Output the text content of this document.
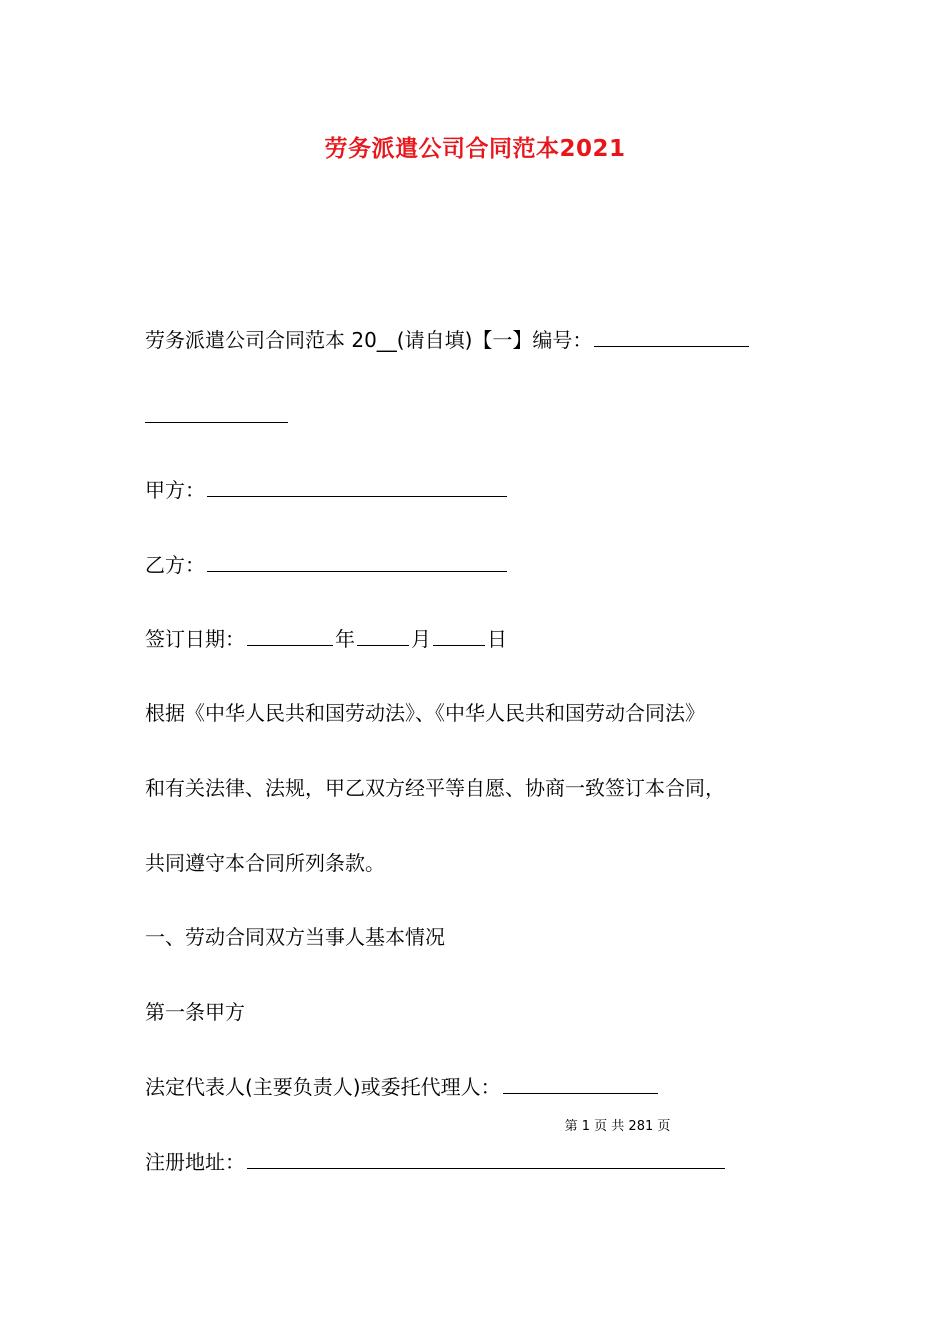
劳务派遣公司合同范本2021
劳务派遣公司合同范本 20__(请自填)【一】编号：
甲方：
乙方：
签订日期：	年	月	日
根据《中华人民共和国劳动法》、《中华人民共和国劳动合同法》
和有关法律、法规，甲乙双方经平等自愿、协商一致签订本合同，
共同遵守本合同所列条款。
一、劳动合同双方当事人基本情况
第一条甲方
法定代表人(主要负责人)或委托代理人：
第 1 页 共 281 页
注册地址：
